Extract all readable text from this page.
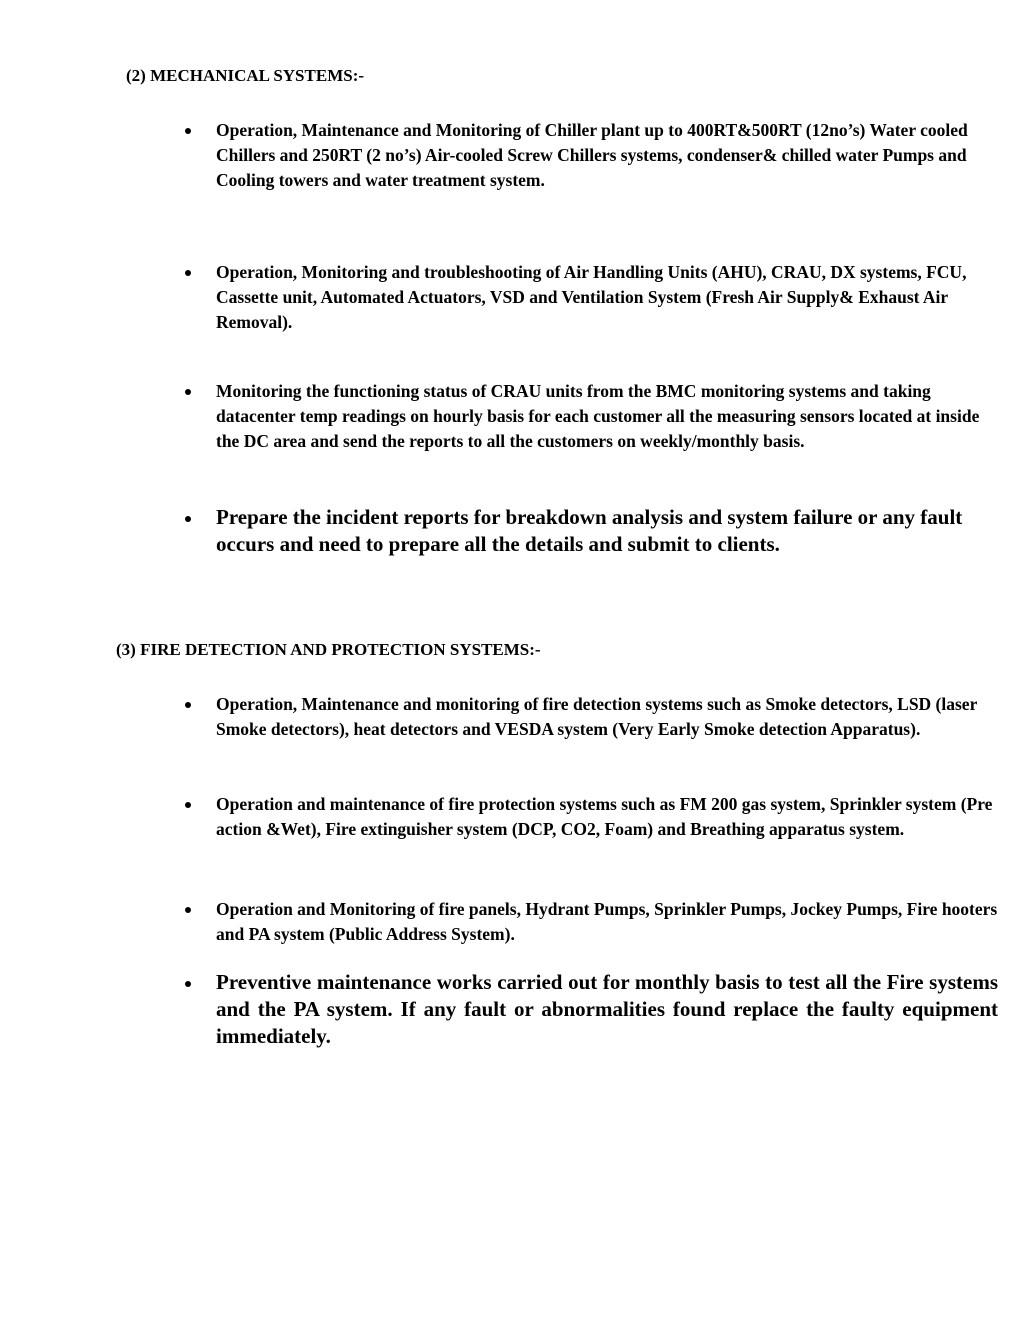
(2) MECHANICAL SYSTEMS:-
Operation, Maintenance and Monitoring of Chiller plant up to 400RT&500RT (12no’s) Water cooled Chillers and 250RT (2 no’s) Air-cooled Screw Chillers systems, condenser& chilled water Pumps and Cooling towers and water treatment system.
Operation, Monitoring and troubleshooting of Air Handling Units (AHU), CRAU, DX systems, FCU, Cassette unit, Automated Actuators, VSD and Ventilation System (Fresh Air Supply& Exhaust Air Removal).
Monitoring the functioning status of CRAU units from the BMC monitoring systems and taking datacenter temp readings on hourly basis for each customer all the measuring sensors located at inside the DC area and send the reports to all the customers on weekly/monthly basis.
Prepare the incident reports for breakdown analysis and system failure or any fault occurs and need to prepare all the details and submit to clients.
(3) FIRE DETECTION AND PROTECTION SYSTEMS:-
Operation, Maintenance and monitoring of fire detection systems such as Smoke detectors, LSD (laser Smoke detectors), heat detectors and VESDA system (Very Early Smoke detection Apparatus).
Operation and maintenance of fire protection systems such as FM 200 gas system, Sprinkler system (Pre action &Wet), Fire extinguisher system (DCP, CO2, Foam) and Breathing apparatus system.
Operation and Monitoring of fire panels, Hydrant Pumps, Sprinkler Pumps, Jockey Pumps, Fire hooters and PA system (Public Address System).
Preventive maintenance works carried out for monthly basis to test all the Fire systems and the PA system. If any fault or abnormalities found replace the faulty equipment immediately.
